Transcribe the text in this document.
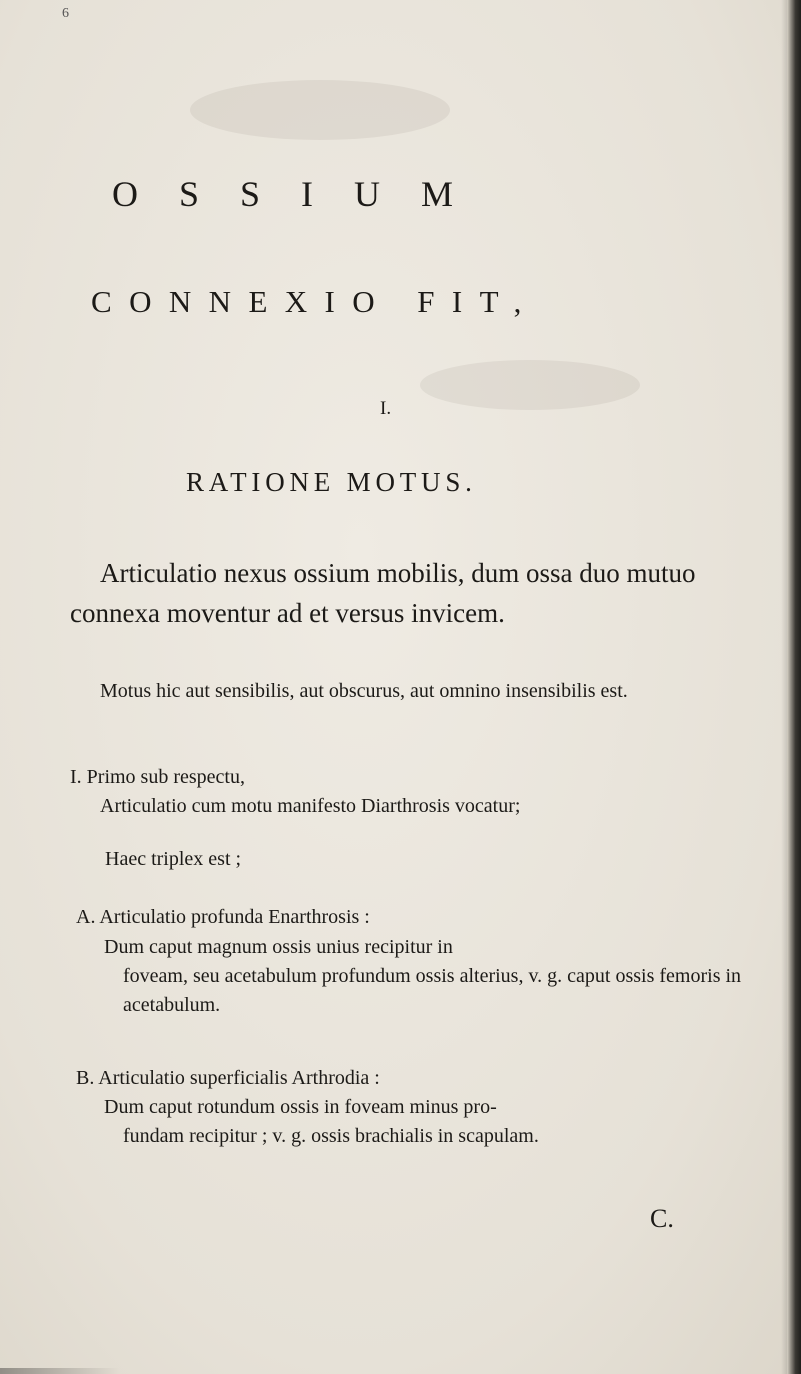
6
OSSIUM
CONNEXIO FIT,
I.
RATIONE MOTUS.

Articulatio nexus ossium mobilis, dum ossa duo mutuo connexa moventur ad et versus invicem.

Motus hic aut sensibilis, aut obscurus, aut omnino insensibilis est.

I. Primo sub respectu,

Articulatio cum motu manifesto Diarthrosis vocatur;

Haec triplex est ;

A. Articulatio profunda Enarthrosis :

Dum caput magnum ossis unius recipitur in
foveam, seu acetabulum profundum ossis alterius, v. g. caput ossis femoris in acetabulum.

B. Articulatio superficialis Arthrodia :

Dum caput rotundum ossis in foveam minus pro-
fundam recipitur ; v. g. ossis brachialis in scapulam.

C.
